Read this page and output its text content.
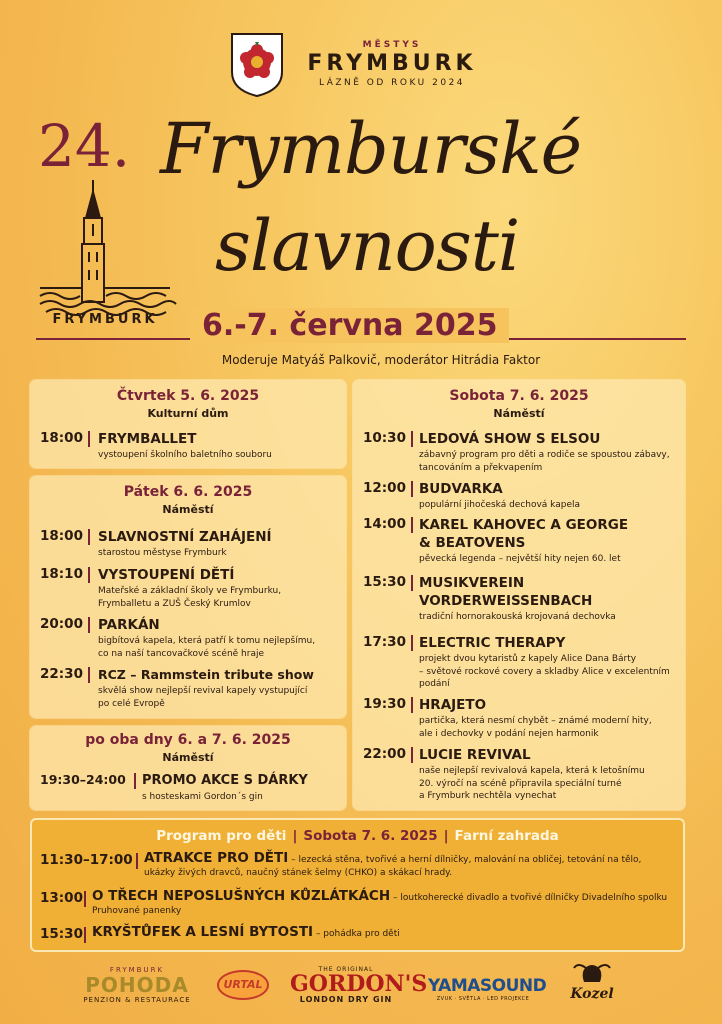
MĚSTYS
FRYMBURK
LÁZNĚ OD ROKU 2024
24. Frymburské
slavnosti
FRYMBURK	6.-7. června 2025
Moderuje Matyáš Palkovič, moderátor Hitrádia Faktor
Čtvrtek 5. 6. 2025
Kulturní dům
18:00 FRYMBALLET
vystoupení školního baletního souboru
Pátek 6. 6. 2025
Náměstí
18:00 SLAVNOSTNÍ ZAHÁJENÍ
starostou městyse Frymburk
18:10 VYSTOUPENÍ DĚTÍ
Mateřské a základní školy ve Frymburku,
Frymballetu a ZUŠ Český Krumlov
20:00 PARKÁN
bigbítová kapela, která patří k tomu nejlepšímu,
co na naší tancovačkové scéně hraje
22:30 RCZ – Rammstein tribute show
skvělá show nejlepší revival kapely vystupující
po celé Evropě
po oba dny 6. a 7. 6. 2025
Náměstí
19:30–24:00 PROMO AKCE S DÁRKY
s hosteskami Gordon´s gin
Sobota 7. 6. 2025
Náměstí
10:30 LEDOVÁ SHOW S ELSOU
zábavný program pro děti a rodiče se spoustou zábavy,
tancováním a překvapením
12:00 BUDVARKA
populární jihočeská dechová kapela
14:00 KAREL KAHOVEC A GEORGE
& BEATOVENS
pěvecká legenda – největší hity nejen 60. let
15:30 MUSIKVEREIN
VORDERWEISSENBACH
tradiční hornorakouská krojovaná dechovka
17:30 ELECTRIC THERAPY
projekt dvou kytaristů z kapely Alice Dana Bárty
– světové rockové covery a skladby Alice v excelentním
podání
19:30 HRAJETO
partička, která nesmí chybět – známé moderní hity,
ale i dechovky v podání nejen harmonik
22:00 LUCIE REVIVAL
naše nejlepší revivalová kapela, která k letošnímu
20. výročí na scéně připravila speciální turné
a Frymburk nechtěla vynechat
Program pro děti | Sobota 7. 6. 2025 | Farní zahrada
11:30–17:00 ATRAKCE PRO DĚTI – lezecká stěna, tvořivé a herní dílničky, malování na obličej, tetování na tělo, ukázky živých dravců, naučný stánek šelmy (CHKO) a skákací hrady.
13:00 O TŘECH NEPOSLUŠNÝCH KŮZLÁTKÁCH – loutkoherecké divadlo a tvořivé dílničky Divadelního spolku Pruhované panenky
15:30 KRYŠTŮFEK A LESNÍ BYTOSTI – pohádka pro děti
FRYMBURK
POHODA
PENZION & RESTAURACE
URTAL
THE ORIGINAL
GORDON'S
LONDON DRY GIN
YAMASOUND
ZVUK · SVĚTLA · LED PROJEKCE	Kozel
